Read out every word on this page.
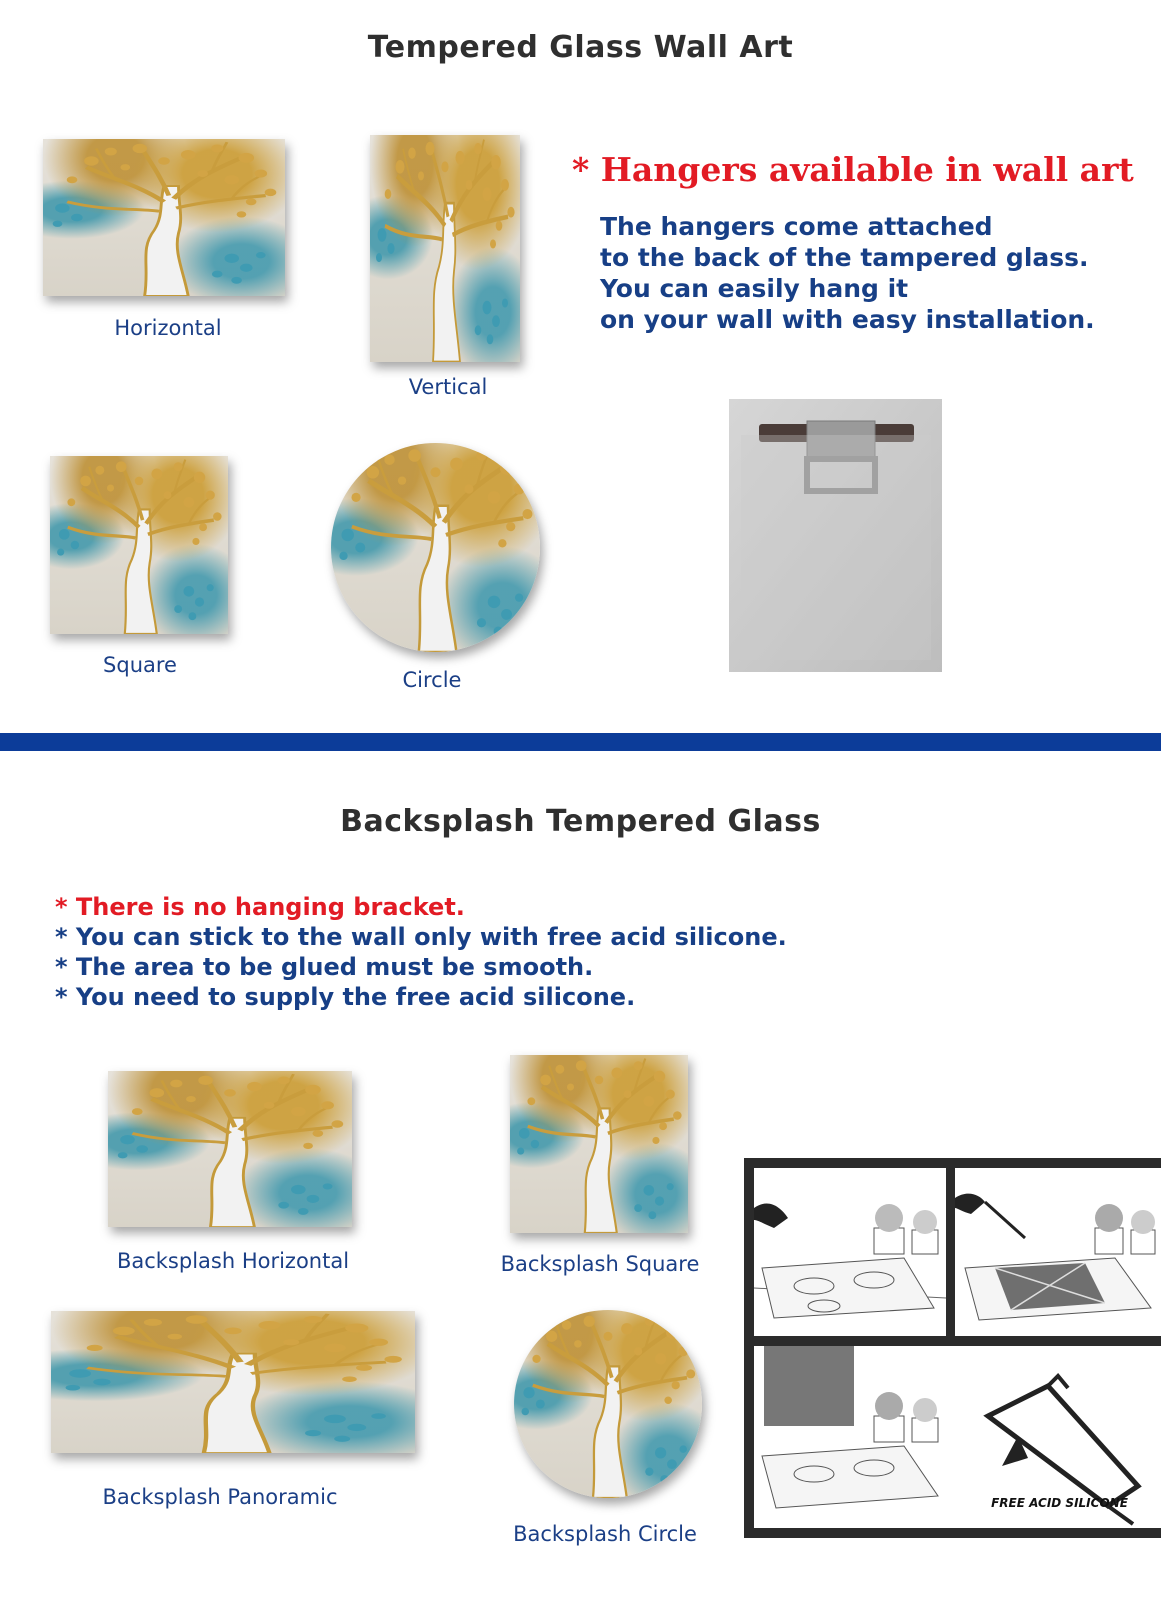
Tempered Glass Wall Art
Horizontal
Vertical
Square
Circle
* Hangers available in wall art
The hangers come attached
to the back of the tampered glass.
You can easily hang it
on your wall with easy installation.
Backsplash Tempered Glass
* There is no hanging bracket.
* You can stick to the wall only with free acid silicone.
* The area to be glued must be smooth.
* You need to supply the free acid silicone.
Backsplash Horizontal	Backsplash Square
Backsplash Panoramic
Backsplash Circle
FREE ACID SILICONE
